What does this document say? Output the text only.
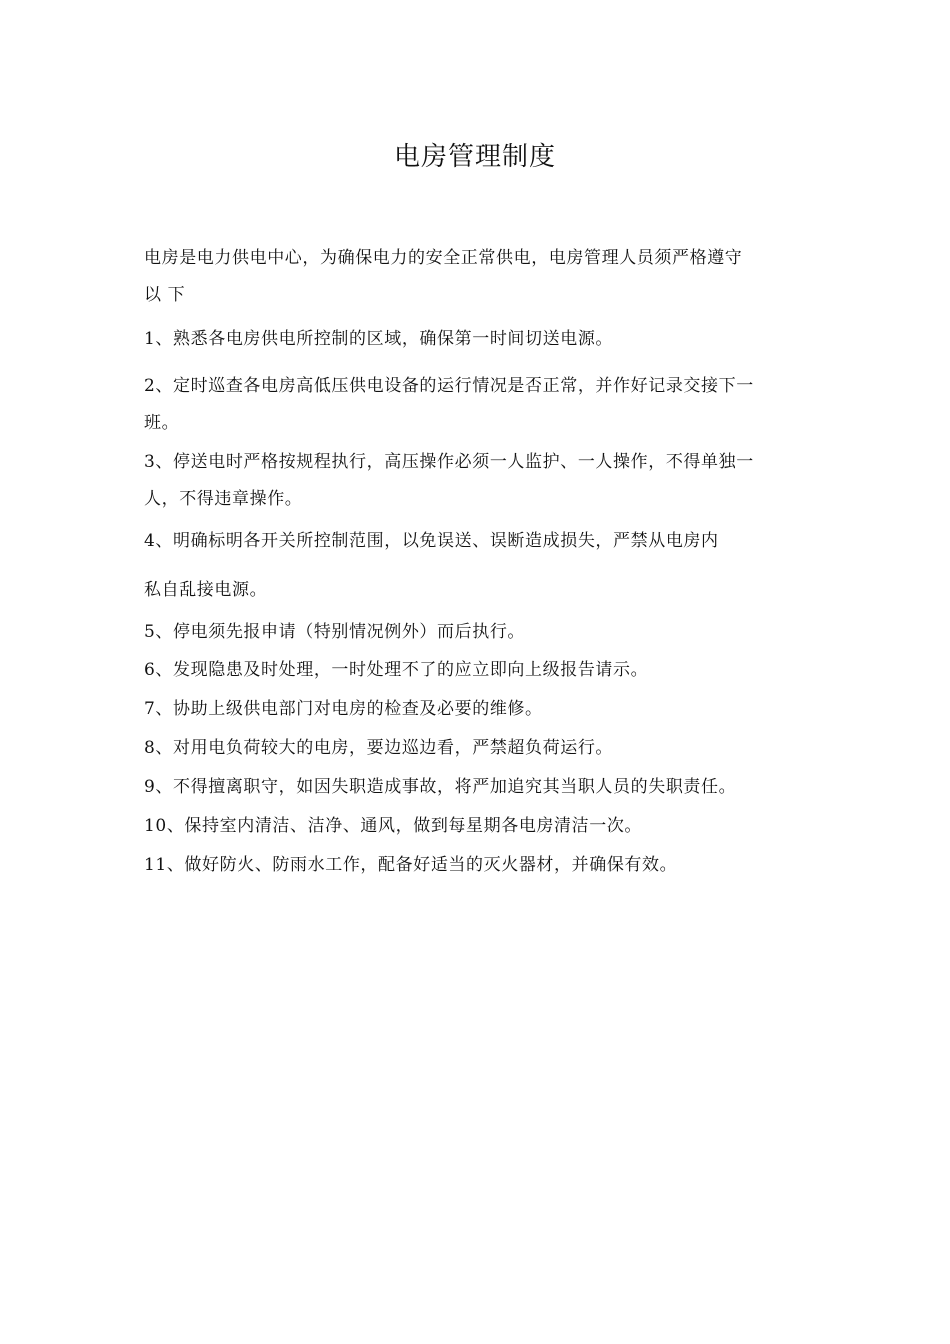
电房管理制度
电房是电力供电中心，为确保电力的安全正常供电，电房管理人员须严格遵守
以 下
1、熟悉各电房供电所控制的区域，确保第一时间切送电源。
2、定时巡查各电房高低压供电设备的运行情况是否正常，并作好记录交接下一
班。
3、停送电时严格按规程执行，高压操作必须一人监护、一人操作，不得单独一
人，不得违章操作。
4、明确标明各开关所控制范围，以免误送、误断造成损失，严禁从电房内
私自乱接电源。
5、停电须先报申请（特别情况例外）而后执行。
6、发现隐患及时处理，一时处理不了的应立即向上级报告请示。
7、协助上级供电部门对电房的检查及必要的维修。
8、对用电负荷较大的电房，要边巡边看，严禁超负荷运行。
9、不得擅离职守，如因失职造成事故，将严加追究其当职人员的失职责任。
10、保持室内清洁、洁净、通风，做到每星期各电房清洁一次。
11、做好防火、防雨水工作，配备好适当的灭火器材，并确保有效。
